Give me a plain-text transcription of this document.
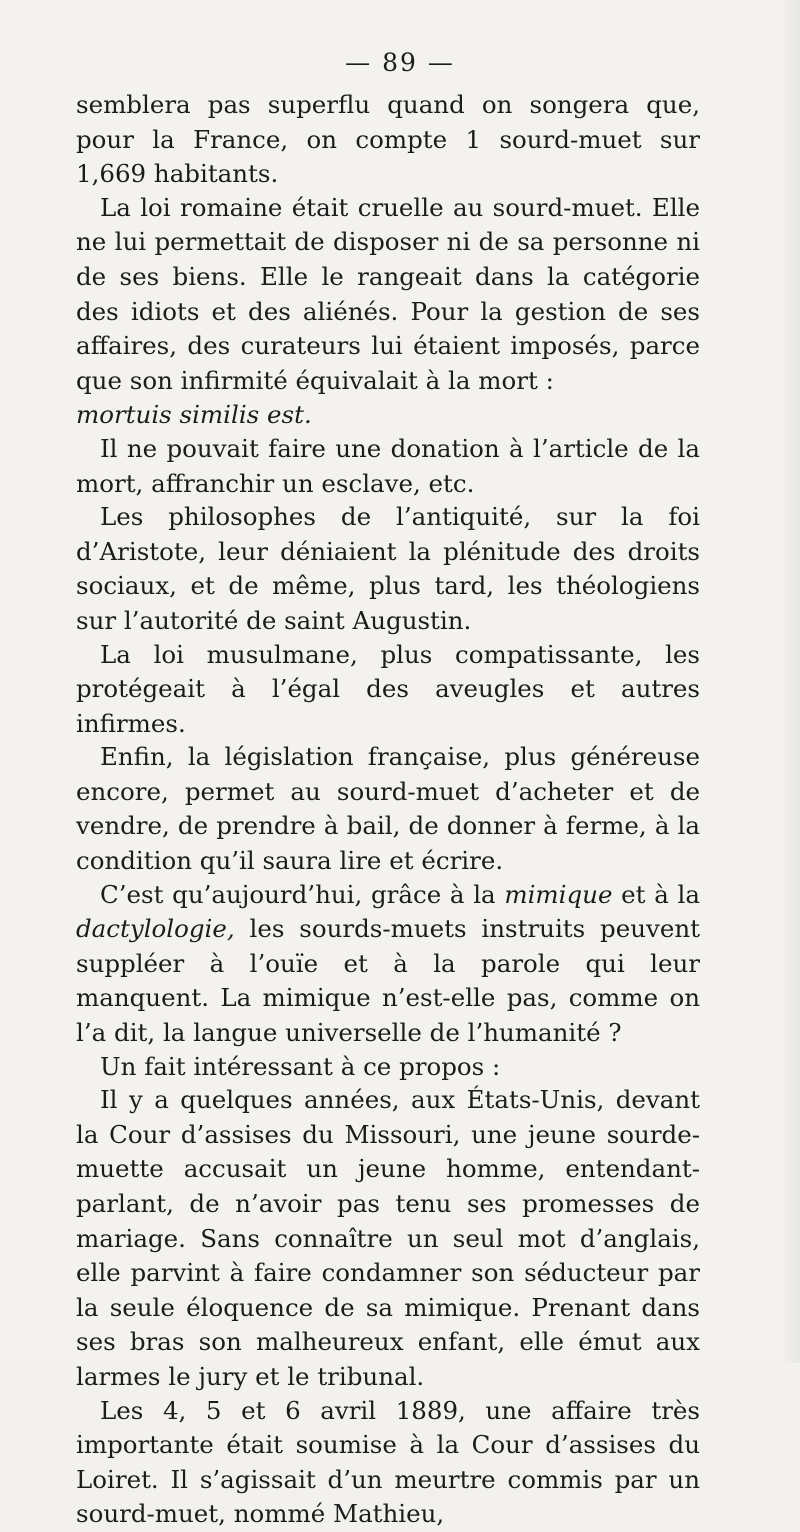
— 89 —

semblera pas superflu quand on songera que, pour la France, on compte 1 sourd-muet sur 1,669 habitants.

La loi romaine était cruelle au sourd-muet. Elle ne lui permettait de disposer ni de sa personne ni de ses biens. Elle le rangeait dans la catégorie des idiots et des aliénés. Pour la gestion de ses affaires, des curateurs lui étaient imposés, parce que son infirmité équivalait à la mort :
mortuis similis est.

Il ne pouvait faire une donation à l’article de la mort, affranchir un esclave, etc.

Les philosophes de l’antiquité, sur la foi d’Aristote, leur déniaient la plénitude des droits sociaux, et de même, plus tard, les théologiens sur l’autorité de saint Augustin.

La loi musulmane, plus compatissante, les protégeait à l’égal des aveugles et autres infirmes.

Enfin, la législation française, plus généreuse encore, permet au sourd-muet d’acheter et de vendre, de prendre à bail, de donner à ferme, à la condition qu’il saura lire et écrire.

C’est qu’aujourd’hui, grâce à la mimique et à la dactylologie, les sourds-muets instruits peuvent suppléer à l’ouïe et à la parole qui leur manquent. La mimique n’est-elle pas, comme on l’a dit, la langue universelle de l’humanité ?

Un fait intéressant à ce propos :

Il y a quelques années, aux États-Unis, devant la Cour d’assises du Missouri, une jeune sourde-muette accusait un jeune homme, entendant-parlant, de n’avoir pas tenu ses promesses de mariage. Sans connaître un seul mot d’anglais, elle parvint à faire condamner son séducteur par la seule éloquence de sa mimique. Prenant dans ses bras son malheureux enfant, elle émut aux larmes le jury et le tribunal.

Les 4, 5 et 6 avril 1889, une affaire très importante était soumise à la Cour d’assises du Loiret. Il s’agissait d’un meurtre commis par un sourd-muet, nommé Mathieu,
